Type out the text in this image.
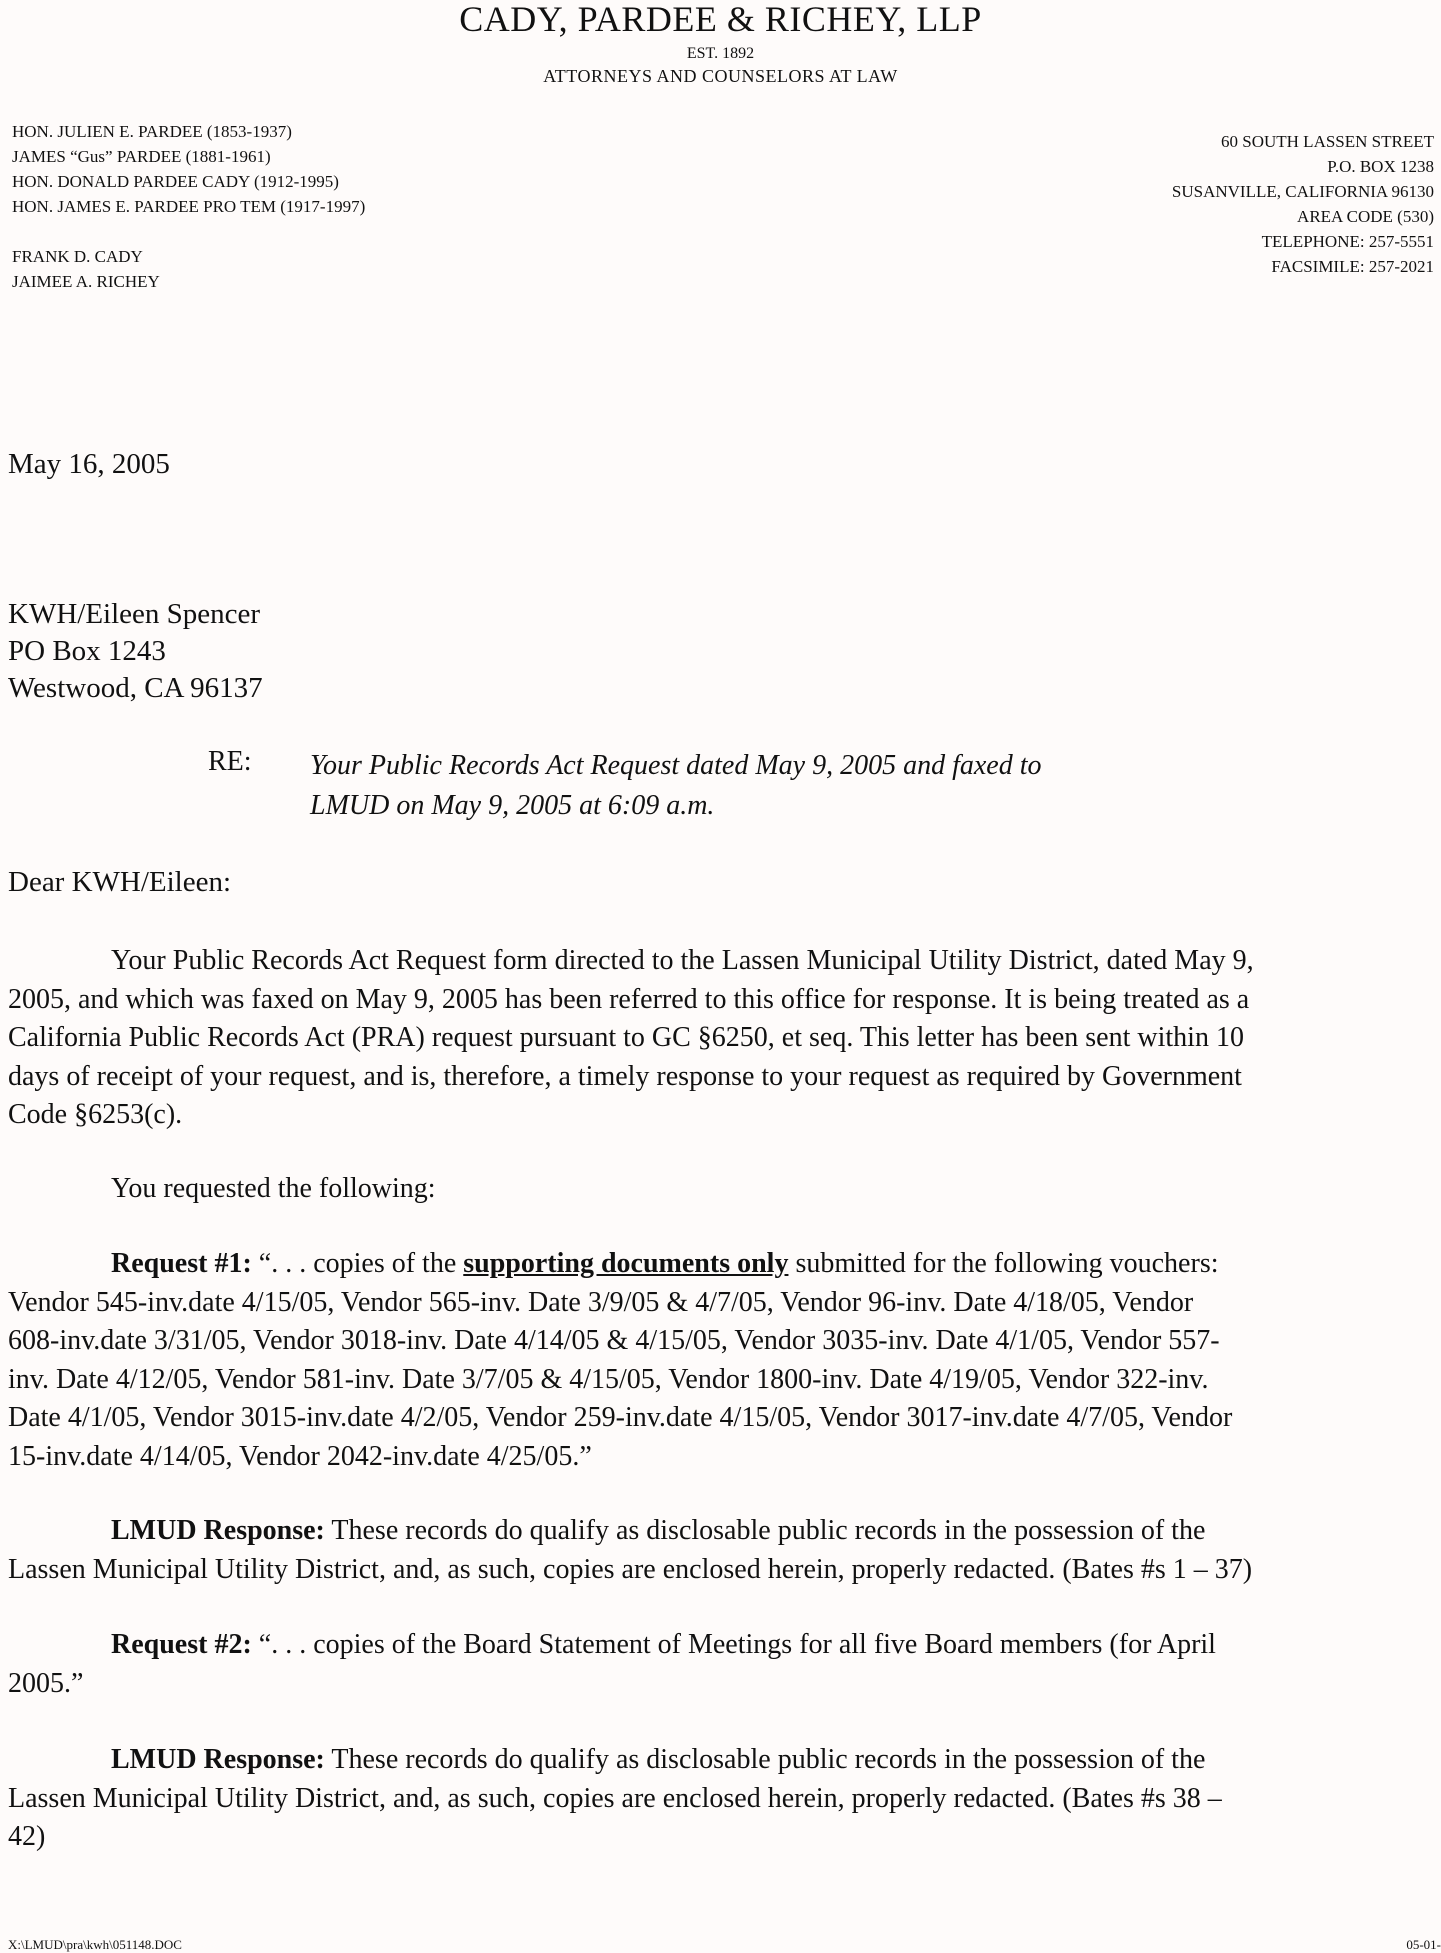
CADY, PARDEE & RICHEY, LLP
EST. 1892
ATTORNEYS AND COUNSELORS AT LAW
HON. JULIEN E. PARDEE (1853-1937)
JAMES “Gus” PARDEE (1881-1961)
HON. DONALD PARDEE CADY (1912-1995)
HON. JAMES E. PARDEE PRO TEM (1917-1997)
FRANK D. CADY
JAIMEE A. RICHEY
60 SOUTH LASSEN STREET
P.O. BOX 1238
SUSANVILLE, CALIFORNIA 96130
AREA CODE (530)
TELEPHONE: 257-5551
FACSIMILE: 257-2021
May 16, 2005
KWH/Eileen Spencer
PO Box 1243
Westwood, CA 96137
RE: Your Public Records Act Request dated May 9, 2005 and faxed to
LMUD on May 9, 2005 at 6:09 a.m.
Dear KWH/Eileen:

Your Public Records Act Request form directed to the Lassen Municipal Utility District, dated May 9,

2005, and which was faxed on May 9, 2005 has been referred to this office for response. It is being treated as a

California Public Records Act (PRA) request pursuant to GC §6250, et seq. This letter has been sent within 10

days of receipt of your request, and is, therefore, a timely response to your request as required by Government

Code §6253(c).

You requested the following:

Request #1: “. . . copies of the supporting documents only submitted for the following vouchers:

Vendor 545-inv.date 4/15/05, Vendor 565-inv. Date 3/9/05 & 4/7/05, Vendor 96-inv. Date 4/18/05, Vendor

608-inv.date 3/31/05, Vendor 3018-inv. Date 4/14/05 & 4/15/05, Vendor 3035-inv. Date 4/1/05, Vendor 557-

inv. Date 4/12/05, Vendor 581-inv. Date 3/7/05 & 4/15/05, Vendor 1800-inv. Date 4/19/05, Vendor 322-inv.

Date 4/1/05, Vendor 3015-inv.date 4/2/05, Vendor 259-inv.date 4/15/05, Vendor 3017-inv.date 4/7/05, Vendor

15-inv.date 4/14/05, Vendor 2042-inv.date 4/25/05.”

LMUD Response: These records do qualify as disclosable public records in the possession of the

Lassen Municipal Utility District, and, as such, copies are enclosed herein, properly redacted. (Bates #s 1 – 37)

Request #2: “. . . copies of the Board Statement of Meetings for all five Board members (for April

2005.”

LMUD Response: These records do qualify as disclosable public records in the possession of the

Lassen Municipal Utility District, and, as such, copies are enclosed herein, properly redacted. (Bates #s 38 –

42)

X:\LMUD\pra\kwh\051148.DOC	05-01-
